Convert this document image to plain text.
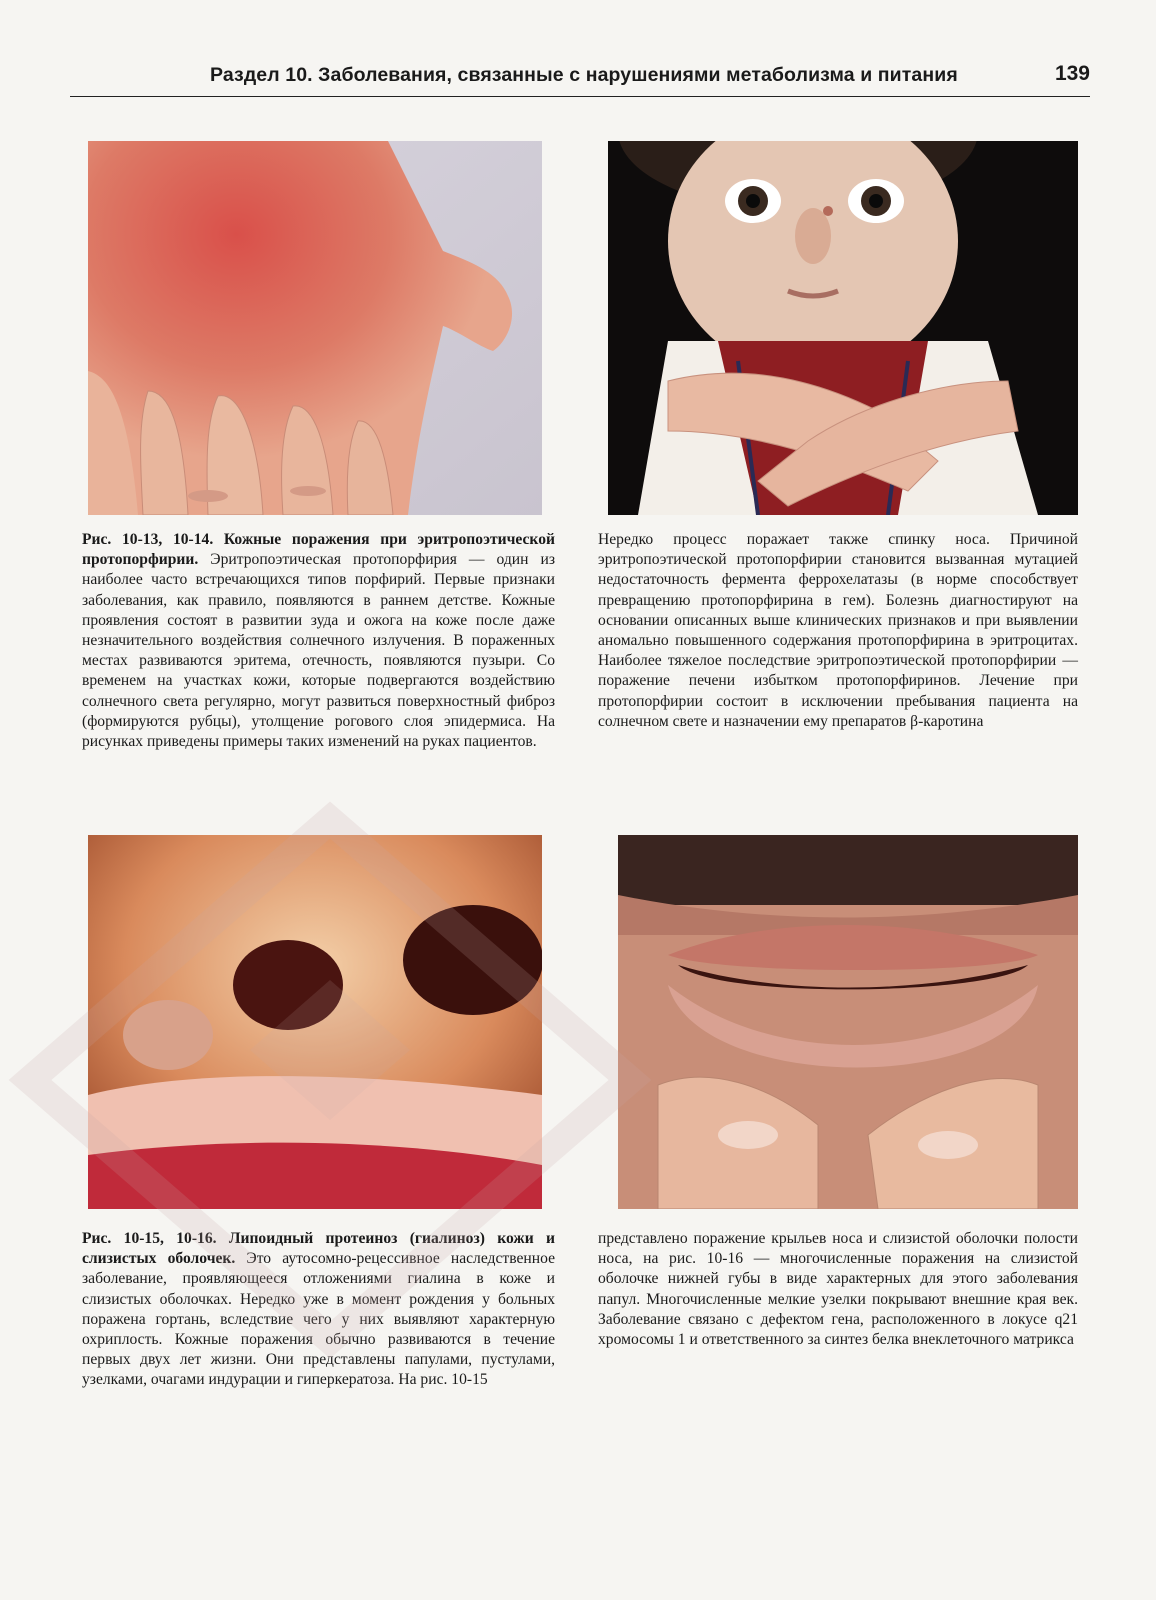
Раздел 10. Заболевания, связанные с нарушениями метаболизма и питания	139
Рис. 10-13, 10-14. Кожные поражения при эритропоэтической протопорфирии. Эритропоэтическая протопорфирия — один из наиболее часто встречающихся типов порфирий. Первые признаки заболевания, как правило, появляются в раннем детстве. Кожные проявления состоят в развитии зуда и ожога на коже после даже незначительного воздействия солнечного излучения. В пораженных местах развиваются эритема, отечность, появляются пузыри. Со временем на участках кожи, которые подвергаются воздействию солнечного света регулярно, могут развиться поверхностный фиброз (формируются рубцы), утолщение рогового слоя эпидермиса. На рисунках приведены примеры таких изменений на руках пациентов.
Нередко процесс поражает также спинку носа. Причиной эритропоэтической протопорфирии становится вызванная мутацией недостаточность фермента феррохелатазы (в норме способствует превращению протопорфирина в гем). Болезнь диагностируют на основании описанных выше клинических признаков и при выявлении аномально повышенного содержания протопорфирина в эритроцитах. Наиболее тяжелое последствие эритропоэтической протопорфирии — поражение печени избытком протопорфиринов. Лечение при протопорфирии состоит в исключении пребывания пациента на солнечном свете и назначении ему препаратов β-каротина
Рис. 10-15, 10-16. Липоидный протеиноз (гиалиноз) кожи и слизистых оболочек. Это аутосомно-рецессивное наследственное заболевание, проявляющееся отложениями гиалина в коже и слизистых оболочках. Нередко уже в момент рождения у больных поражена гортань, вследствие чего у них выявляют характерную охриплость. Кожные поражения обычно развиваются в течение первых двух лет жизни. Они представлены папулами, пустулами, узелками, очагами индурации и гиперкератоза. На рис. 10-15
представлено поражение крыльев носа и слизистой оболочки полости носа, на рис. 10-16 — многочисленные поражения на слизистой оболочке нижней губы в виде характерных для этого заболевания папул. Многочисленные мелкие узелки покрывают внешние края век. Заболевание связано с дефектом гена, расположенного в локусе q21 хромосомы 1 и ответственного за синтез белка внеклеточного матрикса
